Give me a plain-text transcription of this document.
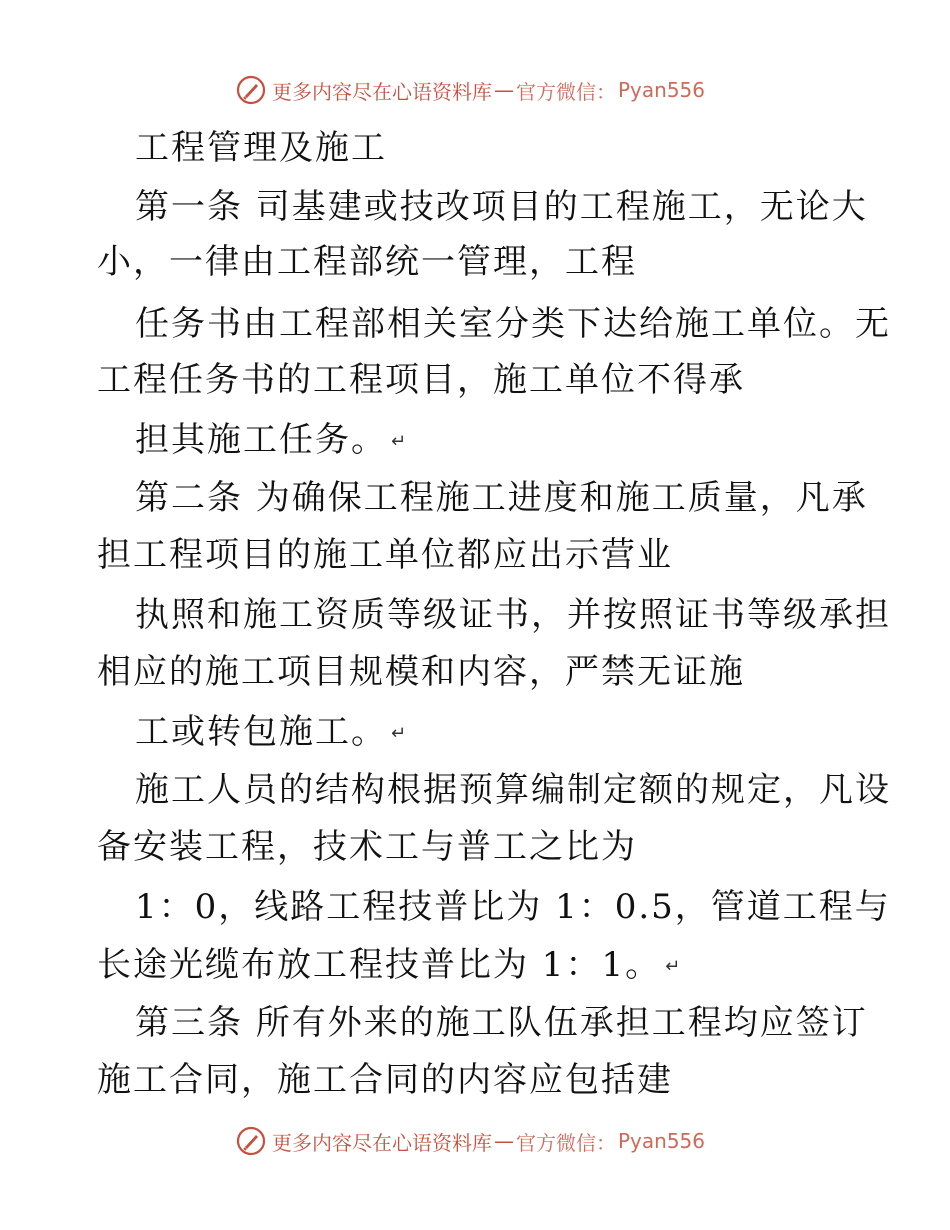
更多内容尽在心语资料库 — 官方微信： Pyan556
工程管理及施工
第一条 司基建或技改项目的工程施工，无论大
小，一律由工程部统一管理，工程
任务书由工程部相关室分类下达给施工单位。无
工程任务书的工程项目，施工单位不得承
担其施工任务。 ↵
第二条 为确保工程施工进度和施工质量，凡承
担工程项目的施工单位都应出示营业
执照和施工资质等级证书，并按照证书等级承担
相应的施工项目规模和内容，严禁无证施
工或转包施工。 ↵
施工人员的结构根据预算编制定额的规定，凡设
备安装工程，技术工与普工之比为
1：0，线路工程技普比为 1：0.5，管道工程与
长途光缆布放工程技普比为 1：1。 ↵
第三条 所有外来的施工队伍承担工程均应签订
施工合同，施工合同的内容应包括建
更多内容尽在心语资料库 — 官方微信： Pyan556
